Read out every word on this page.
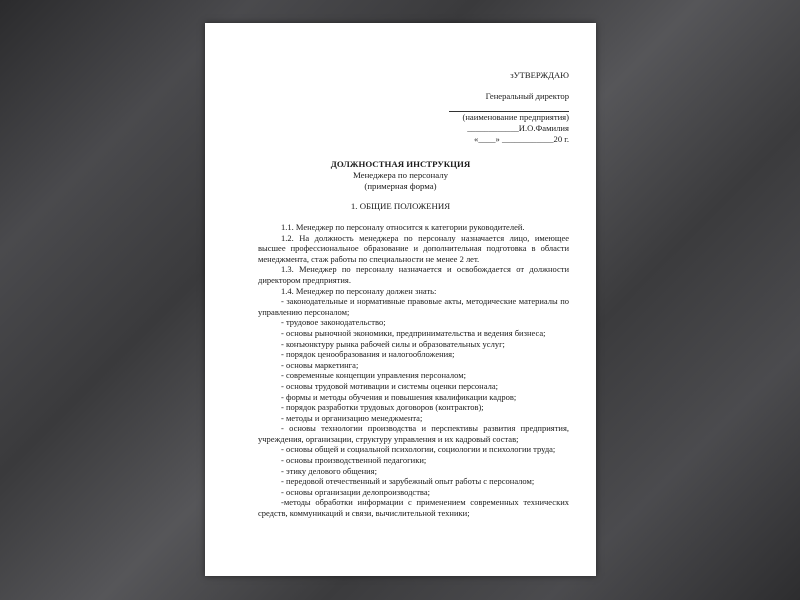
зУТВЕРЖДАЮ
Генеральный директор
(наименование предприятия)
____________И.О.Фамилия
«____» ____________20 г.
ДОЛЖНОСТНАЯ ИНСТРУКЦИЯ
Менеджера по персоналу
(примерная форма)
1. ОБЩИЕ ПОЛОЖЕНИЯ

1.1. Менеджер по персоналу относится к категории руководителей.

1.2. На должность менеджера по персоналу назначается лицо, имеющее высшее профессиональное образование и дополнительная подготовка в области менеджмента, стаж работы по специальности не менее 2 лет.

1.3. Менеджер по персоналу назначается и освобождается от должности директором предприятия.

1.4. Менеджер по персоналу должен знать:

- законодательные и нормативные правовые акты, методические материалы по управлению персоналом;

- трудовое законодательство;

- основы рыночной экономики, предпринимательства и ведения бизнеса;

- конъюнктуру рынка рабочей силы и образовательных услуг;

- порядок ценообразования и налогообложения;

- основы маркетинга;

- современные концепции управления персоналом;

- основы трудовой мотивации и системы оценки персонала;

- формы и методы обучения и повышения квалификации кадров;

- порядок разработки трудовых договоров (контрактов);

- методы и организацию менеджмента;

- основы технологии производства и перспективы развития предприятия, учреждения, организации, структуру управления и их кадровый состав;

- основы общей и социальной психологии, социологии и психологии труда;

- основы производственной педагогики;

- этику делового общения;

- передовой отечественный и зарубежный опыт работы с персоналом;

- основы организации делопроизводства;

-методы обработки информации с применением современных технических средств, коммуникаций и связи, вычислительной техники;
